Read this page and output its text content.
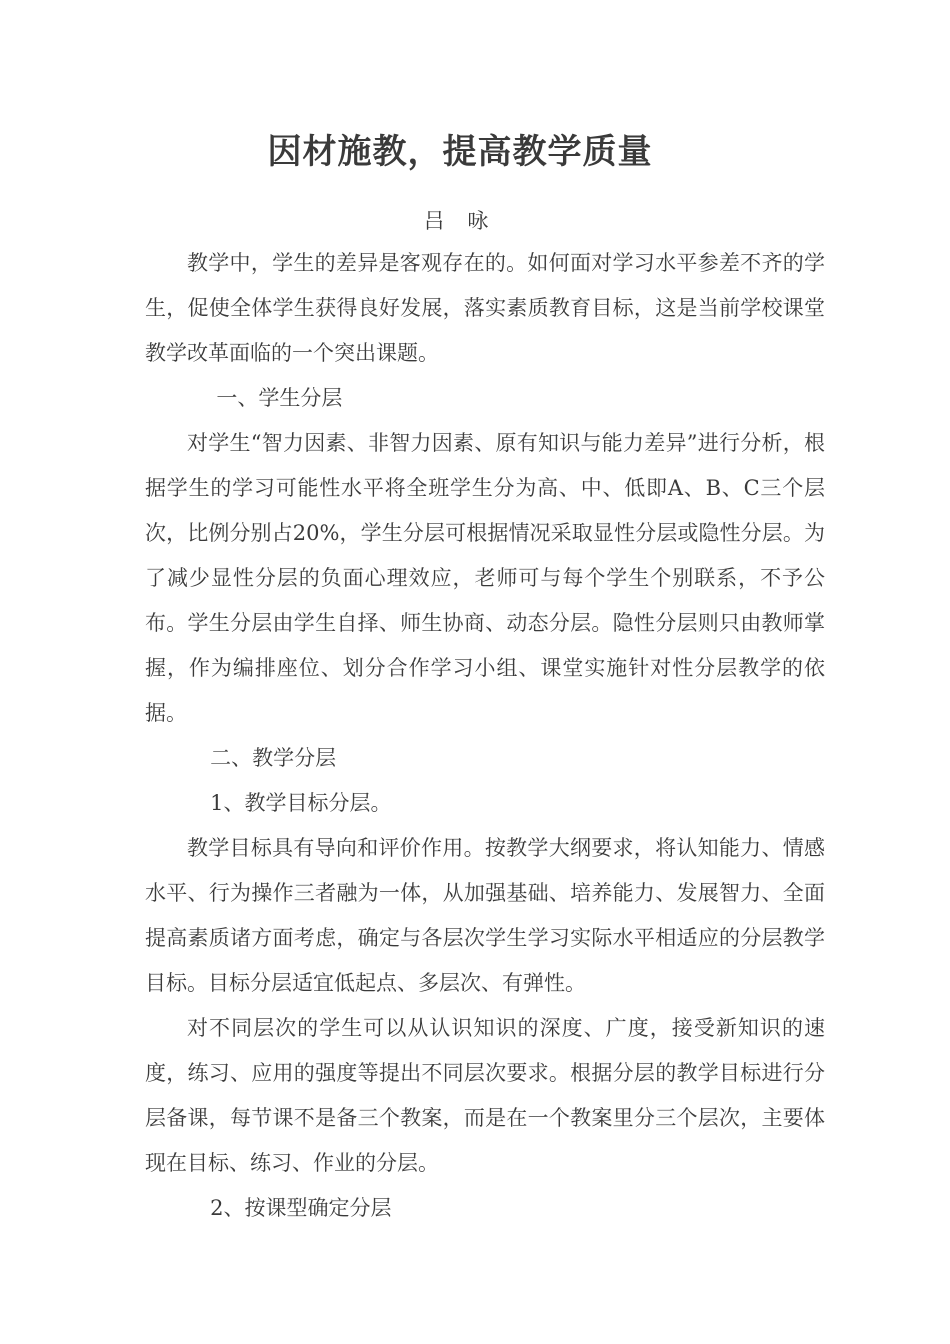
因材施教，提高教学质量
吕 咏

教学中，学生的差异是客观存在的。如何面对学习水平参差不齐的学生，促使全体学生获得良好发展，落实素质教育目标，这是当前学校课堂教学改革面临的一个突出课题。

一、学生分层

对学生“智力因素、非智力因素、原有知识与能力差异”进行分析，根据学生的学习可能性水平将全班学生分为高、中、低即A、B、C三个层次，比例分别占20%，学生分层可根据情况采取显性分层或隐性分层。为了减少显性分层的负面心理效应，老师可与每个学生个别联系，不予公布。学生分层由学生自择、师生协商、动态分层。隐性分层则只由教师掌握，作为编排座位、划分合作学习小组、课堂实施针对性分层教学的依据。

二、教学分层

1、教学目标分层。

教学目标具有导向和评价作用。按教学大纲要求，将认知能力、情感水平、行为操作三者融为一体，从加强基础、培养能力、发展智力、全面提高素质诸方面考虑，确定与各层次学生学习实际水平相适应的分层教学目标。目标分层适宜低起点、多层次、有弹性。

对不同层次的学生可以从认识知识的深度、广度，接受新知识的速度，练习、应用的强度等提出不同层次要求。根据分层的教学目标进行分层备课，每节课不是备三个教案，而是在一个教案里分三个层次，主要体现在目标、练习、作业的分层。

2、按课型确定分层
